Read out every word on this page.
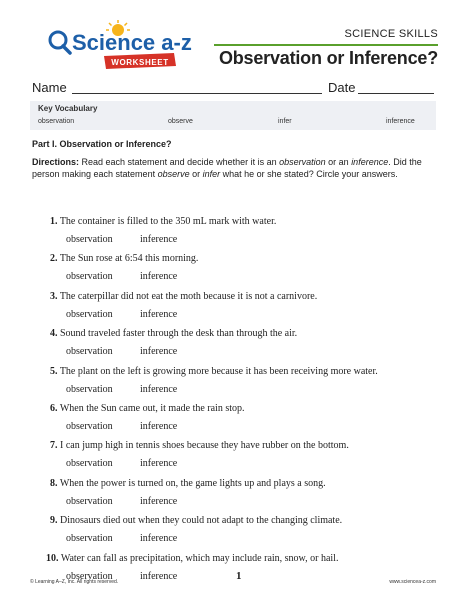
Science a-z
WORKSHEET
SCIENCE SKILLS
Observation or Inference?
Name	Date
Key Vocabulary
observation	observe	infer	inference
Part I. Observation or Inference?
Directions: Read each statement and decide whether it is an observation or an inference. Did the person making each statement observe or infer what he or she stated? Circle your answers.
1. The container is filled to the 350 mL mark with water.
observation	inference
2. The Sun rose at 6:54 this morning.
observation	inference
3. The caterpillar did not eat the moth because it is not a carnivore.
observation	inference
4. Sound traveled faster through the desk than through the air.
observation	inference
5. The plant on the left is growing more because it has been receiving more water.
observation	inference
6. When the Sun came out, it made the rain stop.
observation	inference
7. I can jump high in tennis shoes because they have rubber on the bottom.
observation	inference
8. When the power is turned on, the game lights up and plays a song.
observation	inference
9. Dinosaurs died out when they could not adapt to the changing climate.
observation	inference
10. Water can fall as precipitation, which may include rain, snow, or hail.
observation	inference
© Learning A–Z, Inc. All rights reserved.	1	www.sciencea-z.com
